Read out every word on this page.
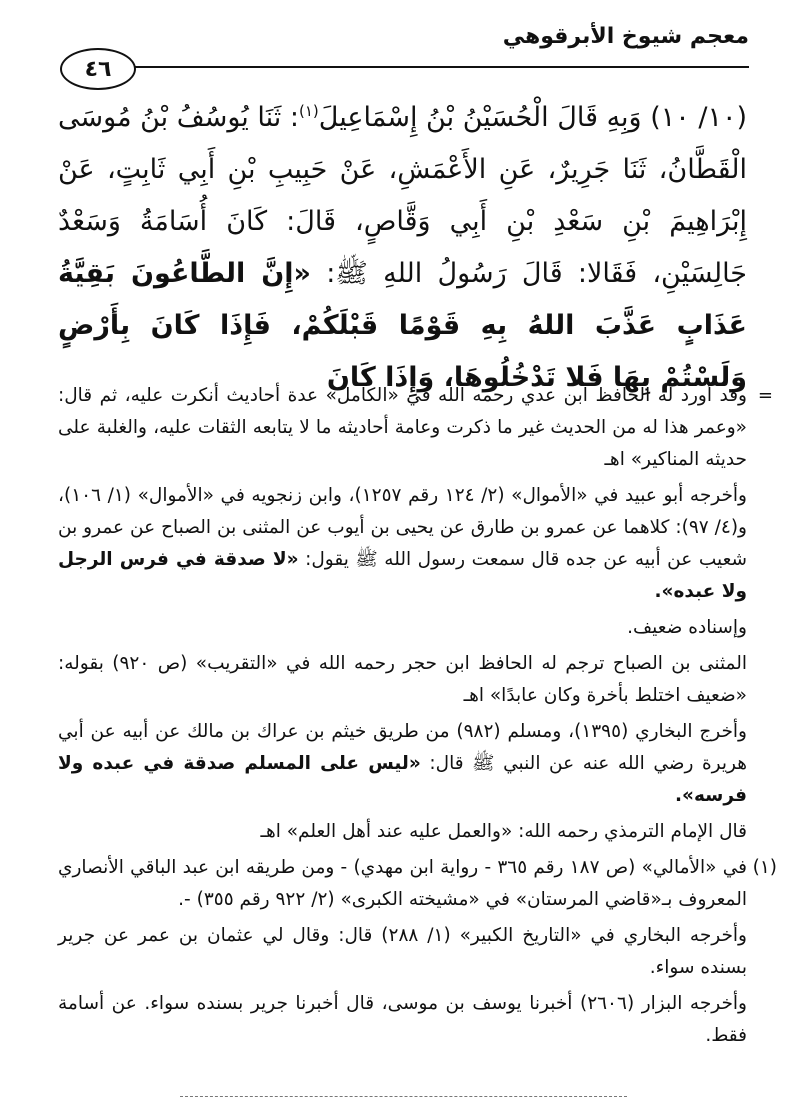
معجم شيوخ الأبرقوهي
٤٦

(١٠/ ١٠) وَبِهِ قَالَ الْحُسَيْنُ بْنُ إِسْمَاعِيلَ$^{(١)}$: ثَنَا يُوسُفُ بْنُ مُوسَى الْقَطَّانُ، ثَنَا جَرِيرٌ، عَنِ الأَعْمَشِ، عَنْ حَبِيبِ بْنِ أَبِي ثَابِتٍ، عَنْ إِبْرَاهِيمَ بْنِ سَعْدِ بْنِ أَبِي وَقَّاصٍ، قَالَ: كَانَ أُسَامَةُ وَسَعْدٌ جَالِسَيْنِ، فَقَالا: قَالَ رَسُولُ اللهِ ﷺ: «إِنَّ الطَّاعُونَ بَقِيَّةُ عَذَابٍ عَذَّبَ اللهُ بِهِ قَوْمًا قَبْلَكُمْ، فَإِذَا كَانَ بِأَرْضٍ وَلَسْتُمْ بِهَا فَلا تَدْخُلُوهَا، وَإِذَا كَانَ

=

وقد أورد له الحافظ ابن عدي رحمه الله في «الكامل» عدة أحاديث أنكرت عليه، ثم قال: «وعمر هذا له من الحديث غير ما ذكرت وعامة أحاديثه ما لا يتابعه الثقات عليه، والغلبة على حديثه المناكير» اهـ

وأخرجه أبو عبيد في «الأموال» (٢/ ١٢٤ رقم ١٢٥٧)، وابن زنجويه في «الأموال» (١/ ١٠٦)، و(٤/ ٩٧): كلاهما عن عمرو بن طارق عن يحيى بن أيوب عن المثنى بن الصباح عن عمرو بن شعيب عن أبيه عن جده قال سمعت رسول الله ﷺ يقول: «لا صدقة في فرس الرجل ولا عبده».

وإسناده ضعيف.

المثنى بن الصباح ترجم له الحافظ ابن حجر رحمه الله في «التقريب» (ص ٩٢٠) بقوله: «ضعيف اختلط بأخرة وكان عابدًا» اهـ

وأخرج البخاري (١٣٩٥)، ومسلم (٩٨٢) من طريق خيثم بن عراك بن مالك عن أبيه عن أبي هريرة رضي الله عنه عن النبي ﷺ قال: «ليس على المسلم صدقة في عبده ولا فرسه».

قال الإمام الترمذي رحمه الله: «والعمل عليه عند أهل العلم» اهـ

(١)

في «الأمالي» (ص ١٨٧ رقم ٣٦٥ - رواية ابن مهدي) - ومن طريقه ابن عبد الباقي الأنصاري المعروف بـ«قاضي المرستان» في «مشيخته الكبرى» (٢/ ٩٢٢ رقم ٣٥٥) -.

وأخرجه البخاري في «التاريخ الكبير» (١/ ٢٨٨) قال: وقال لي عثمان بن عمر عن جرير بسنده سواء.

وأخرجه البزار (٢٦٠٦) أخبرنا يوسف بن موسى، قال أخبرنا جرير بسنده سواء. عن أسامة فقط.
